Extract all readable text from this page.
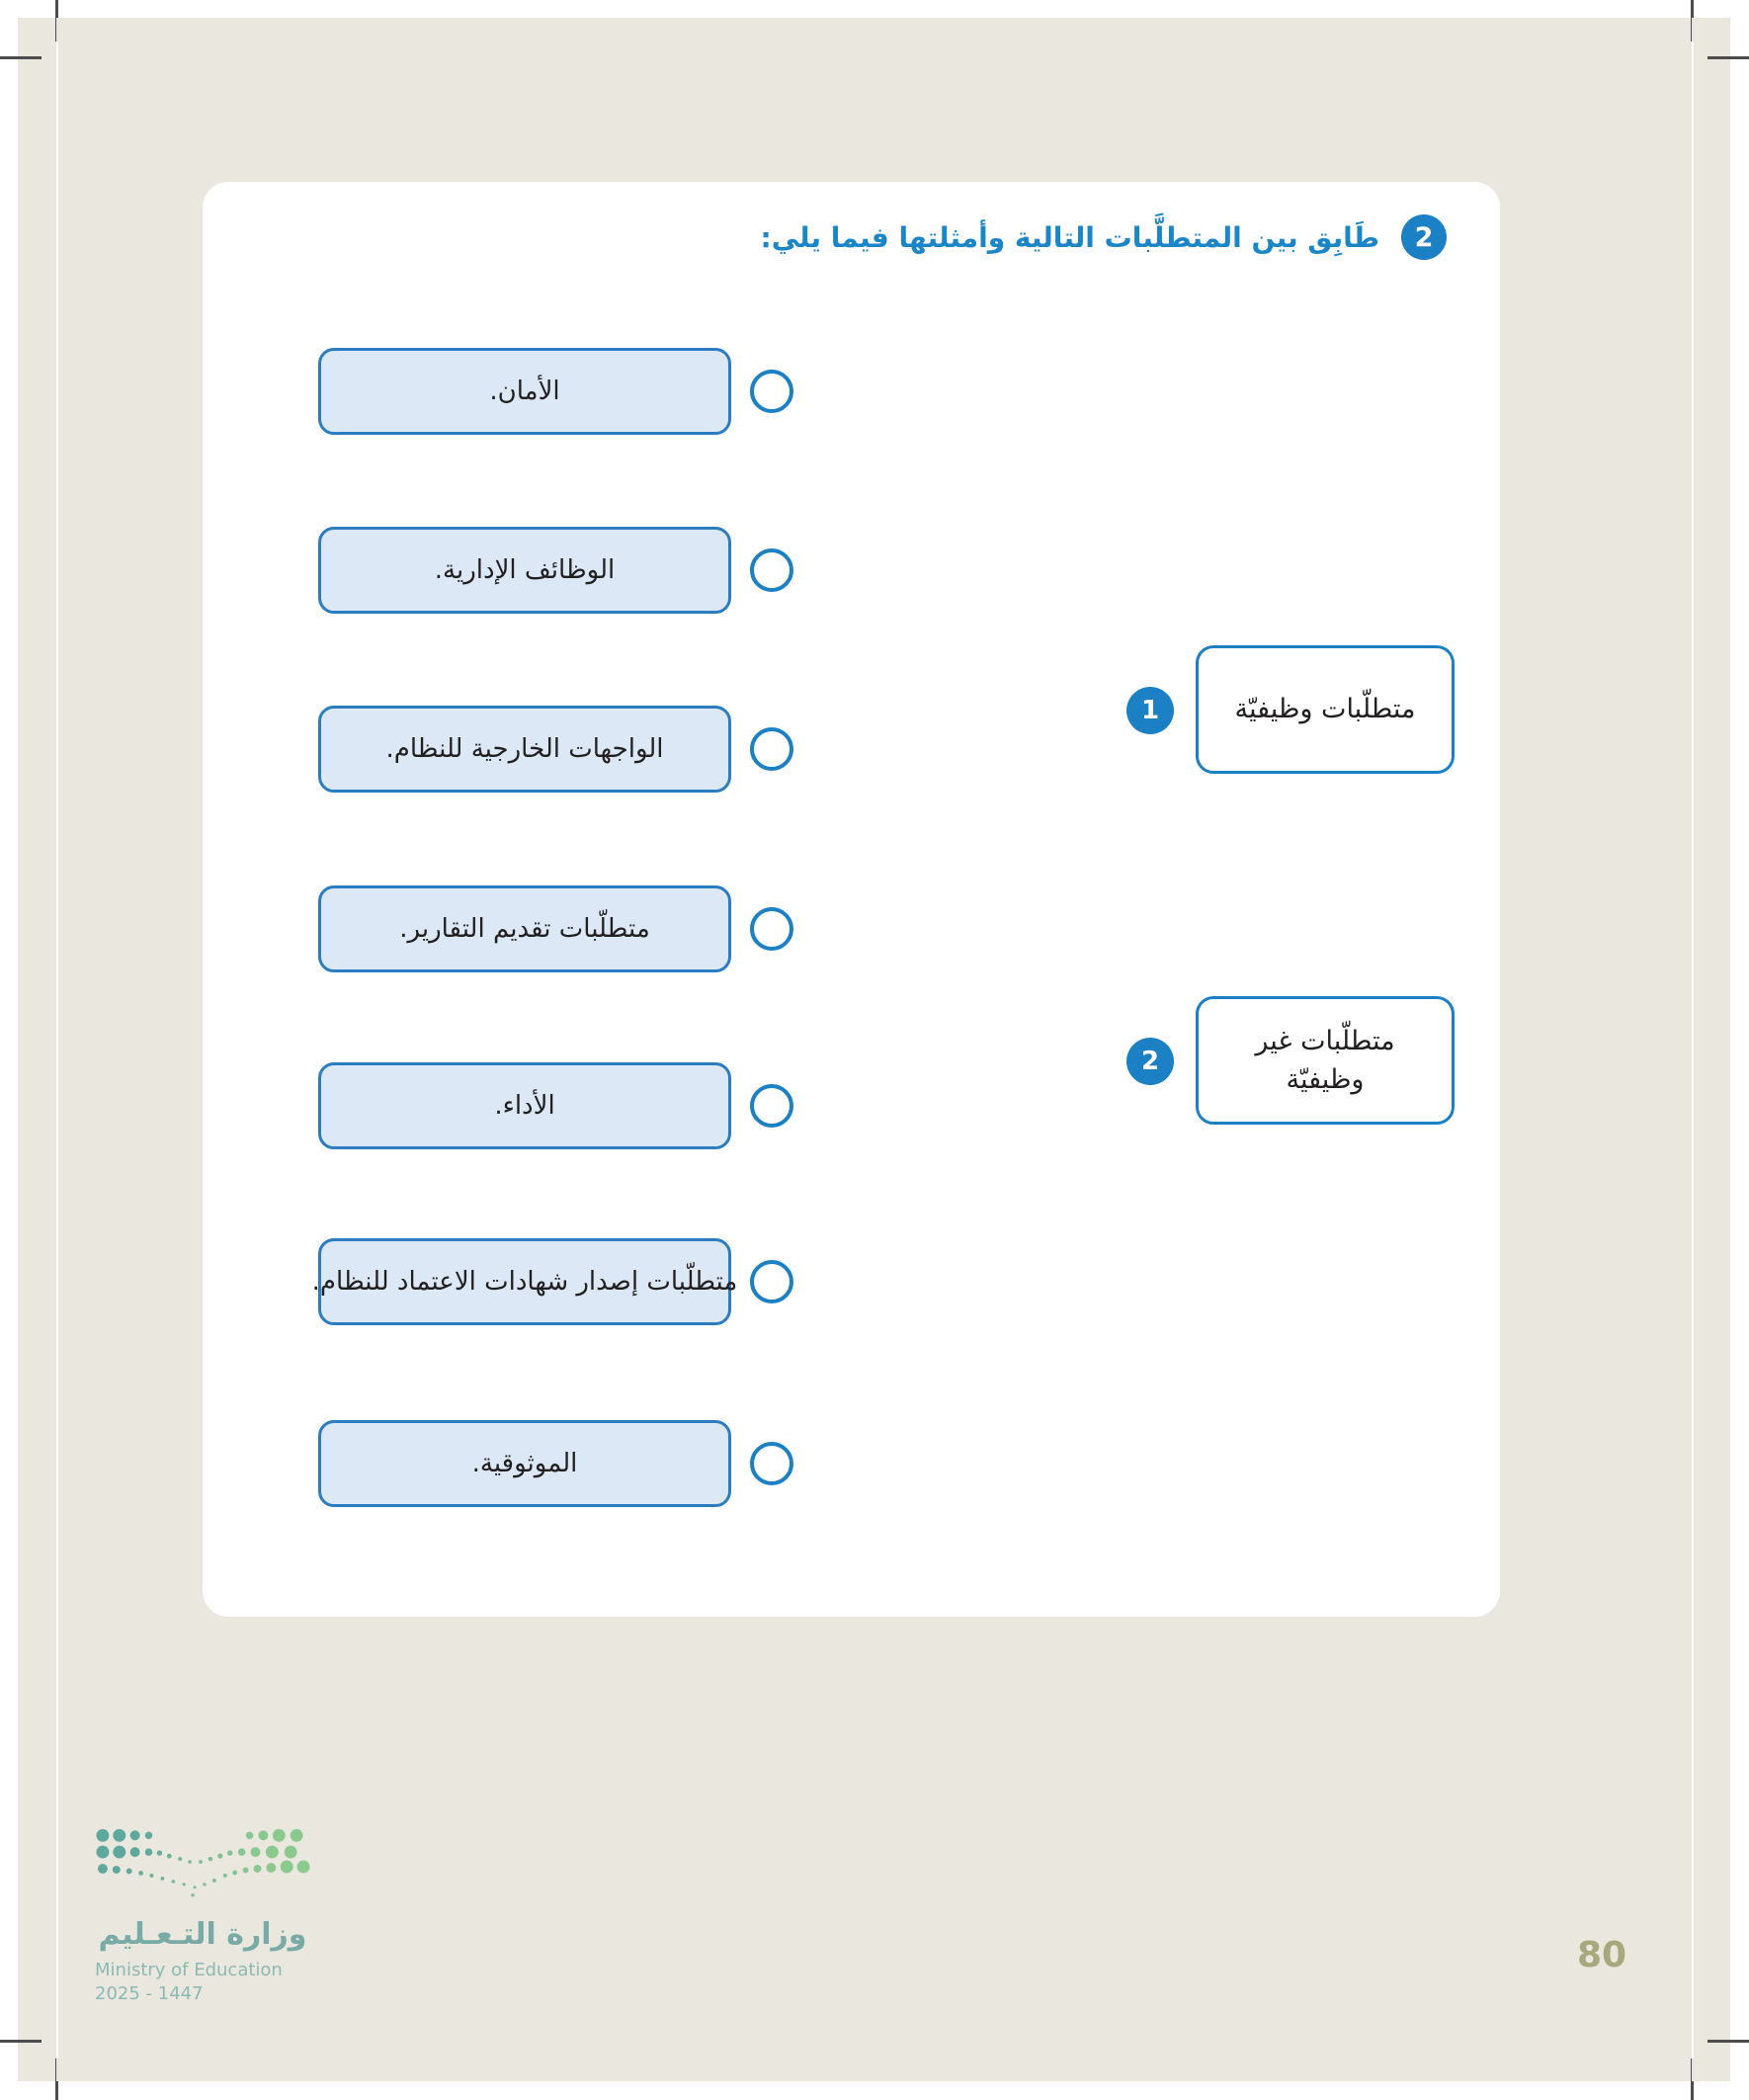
2
طَابِق بين المتطلَّبات التالية وأمثلتها فيما يلي:
الأمان.
الوظائف الإدارية.
الواجهات الخارجية للنظام.
متطلّبات تقديم التقارير.
الأداء.
متطلّبات إصدار شهادات الاعتماد للنظام.
الموثوقية.
1	متطلّبات وظيفيّة
2
متطلّبات غير وظيفيّة
وزارة التـعـليم
Ministry of Education
2025 - 1447
80
